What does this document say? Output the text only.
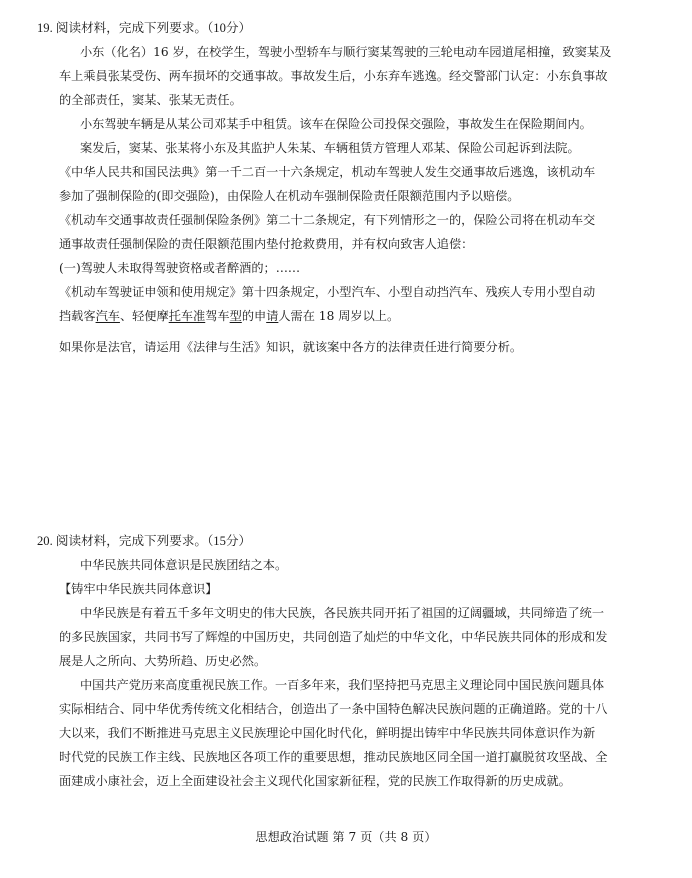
19. 阅读材料，完成下列要求。（10分）
小东（化名）16 岁，在校学生，驾驶小型轿车与顺行窦某驾驶的三轮电动车园道尾相撞，致窦某及
车上乘員张某受伤、两车损坏的交通事故。事故发生后，小东弃车逃逸。经交警部门认定：小东負事故
的全部责任，窦某、张某无责任。
小东驾驶车辆是从某公司邓某手中租赁。该车在保险公司投保交强险，事故发生在保险期间内。
案发后，窦某、张某将小东及其监护人朱某、车辆租赁方管理人邓某、保险公司起诉到法院。
《中华人民共和国民法典》第一千二百一十六条规定，机动车驾驶人发生交通事故后逃逸，该机动车
参加了强制保险的(即交强险)，由保险人在机动车强制保险责任限额范围内予以赔偿。
《机动车交通事故责任强制保险条例》第二十二条规定，有下列情形之一的，保险公司将在机动车交
通事故责任强制保险的责任限额范围内垫付抢救费用，并有权向致害人追偿：
(一)驾驶人未取得驾驶资格或者醉酒的；……
《机动车驾驶证申领和使用规定》第十四条规定，小型汽车、小型自动挡汽车、残疾人专用小型自动
挡载客汽车、轻便摩托车准驾车型的申请人需在 18 周岁以上。
如果你是法官，请运用《法律与生活》知识，就该案中各方的法律责任进行简要分析。
20. 阅读材料，完成下列要求。（15分）
中华民族共同体意识是民族团结之本。
【铸牢中华民族共同体意识】
中华民族是有着五千多年文明史的伟大民族，各民族共同开拓了祖国的辽阔疆域，共同缔造了统一
的多民族国家，共同书写了辉煌的中国历史，共同创造了灿烂的中华文化，中华民族共同体的形成和发
展是人之所向、大势所趋、历史必然。
中国共产党历来高度重视民族工作。一百多年来，我们坚持把马克思主义理论同中国民族问题具体
实际相结合、同中华优秀传统文化相结合，创造出了一条中国特色解决民族问题的正确道路。党的十八
大以来，我们不断推进马克思主义民族理论中国化时代化，鲜明提出铸牢中华民族共同体意识作为新
时代党的民族工作主线、民族地区各项工作的重要思想，推动民族地区同全国一道打赢脱贫攻坚战、全
面建成小康社会，迈上全面建设社会主义现代化国家新征程，党的民族工作取得新的历史成就。
思想政治试题 第 7 页（共 8 页）
